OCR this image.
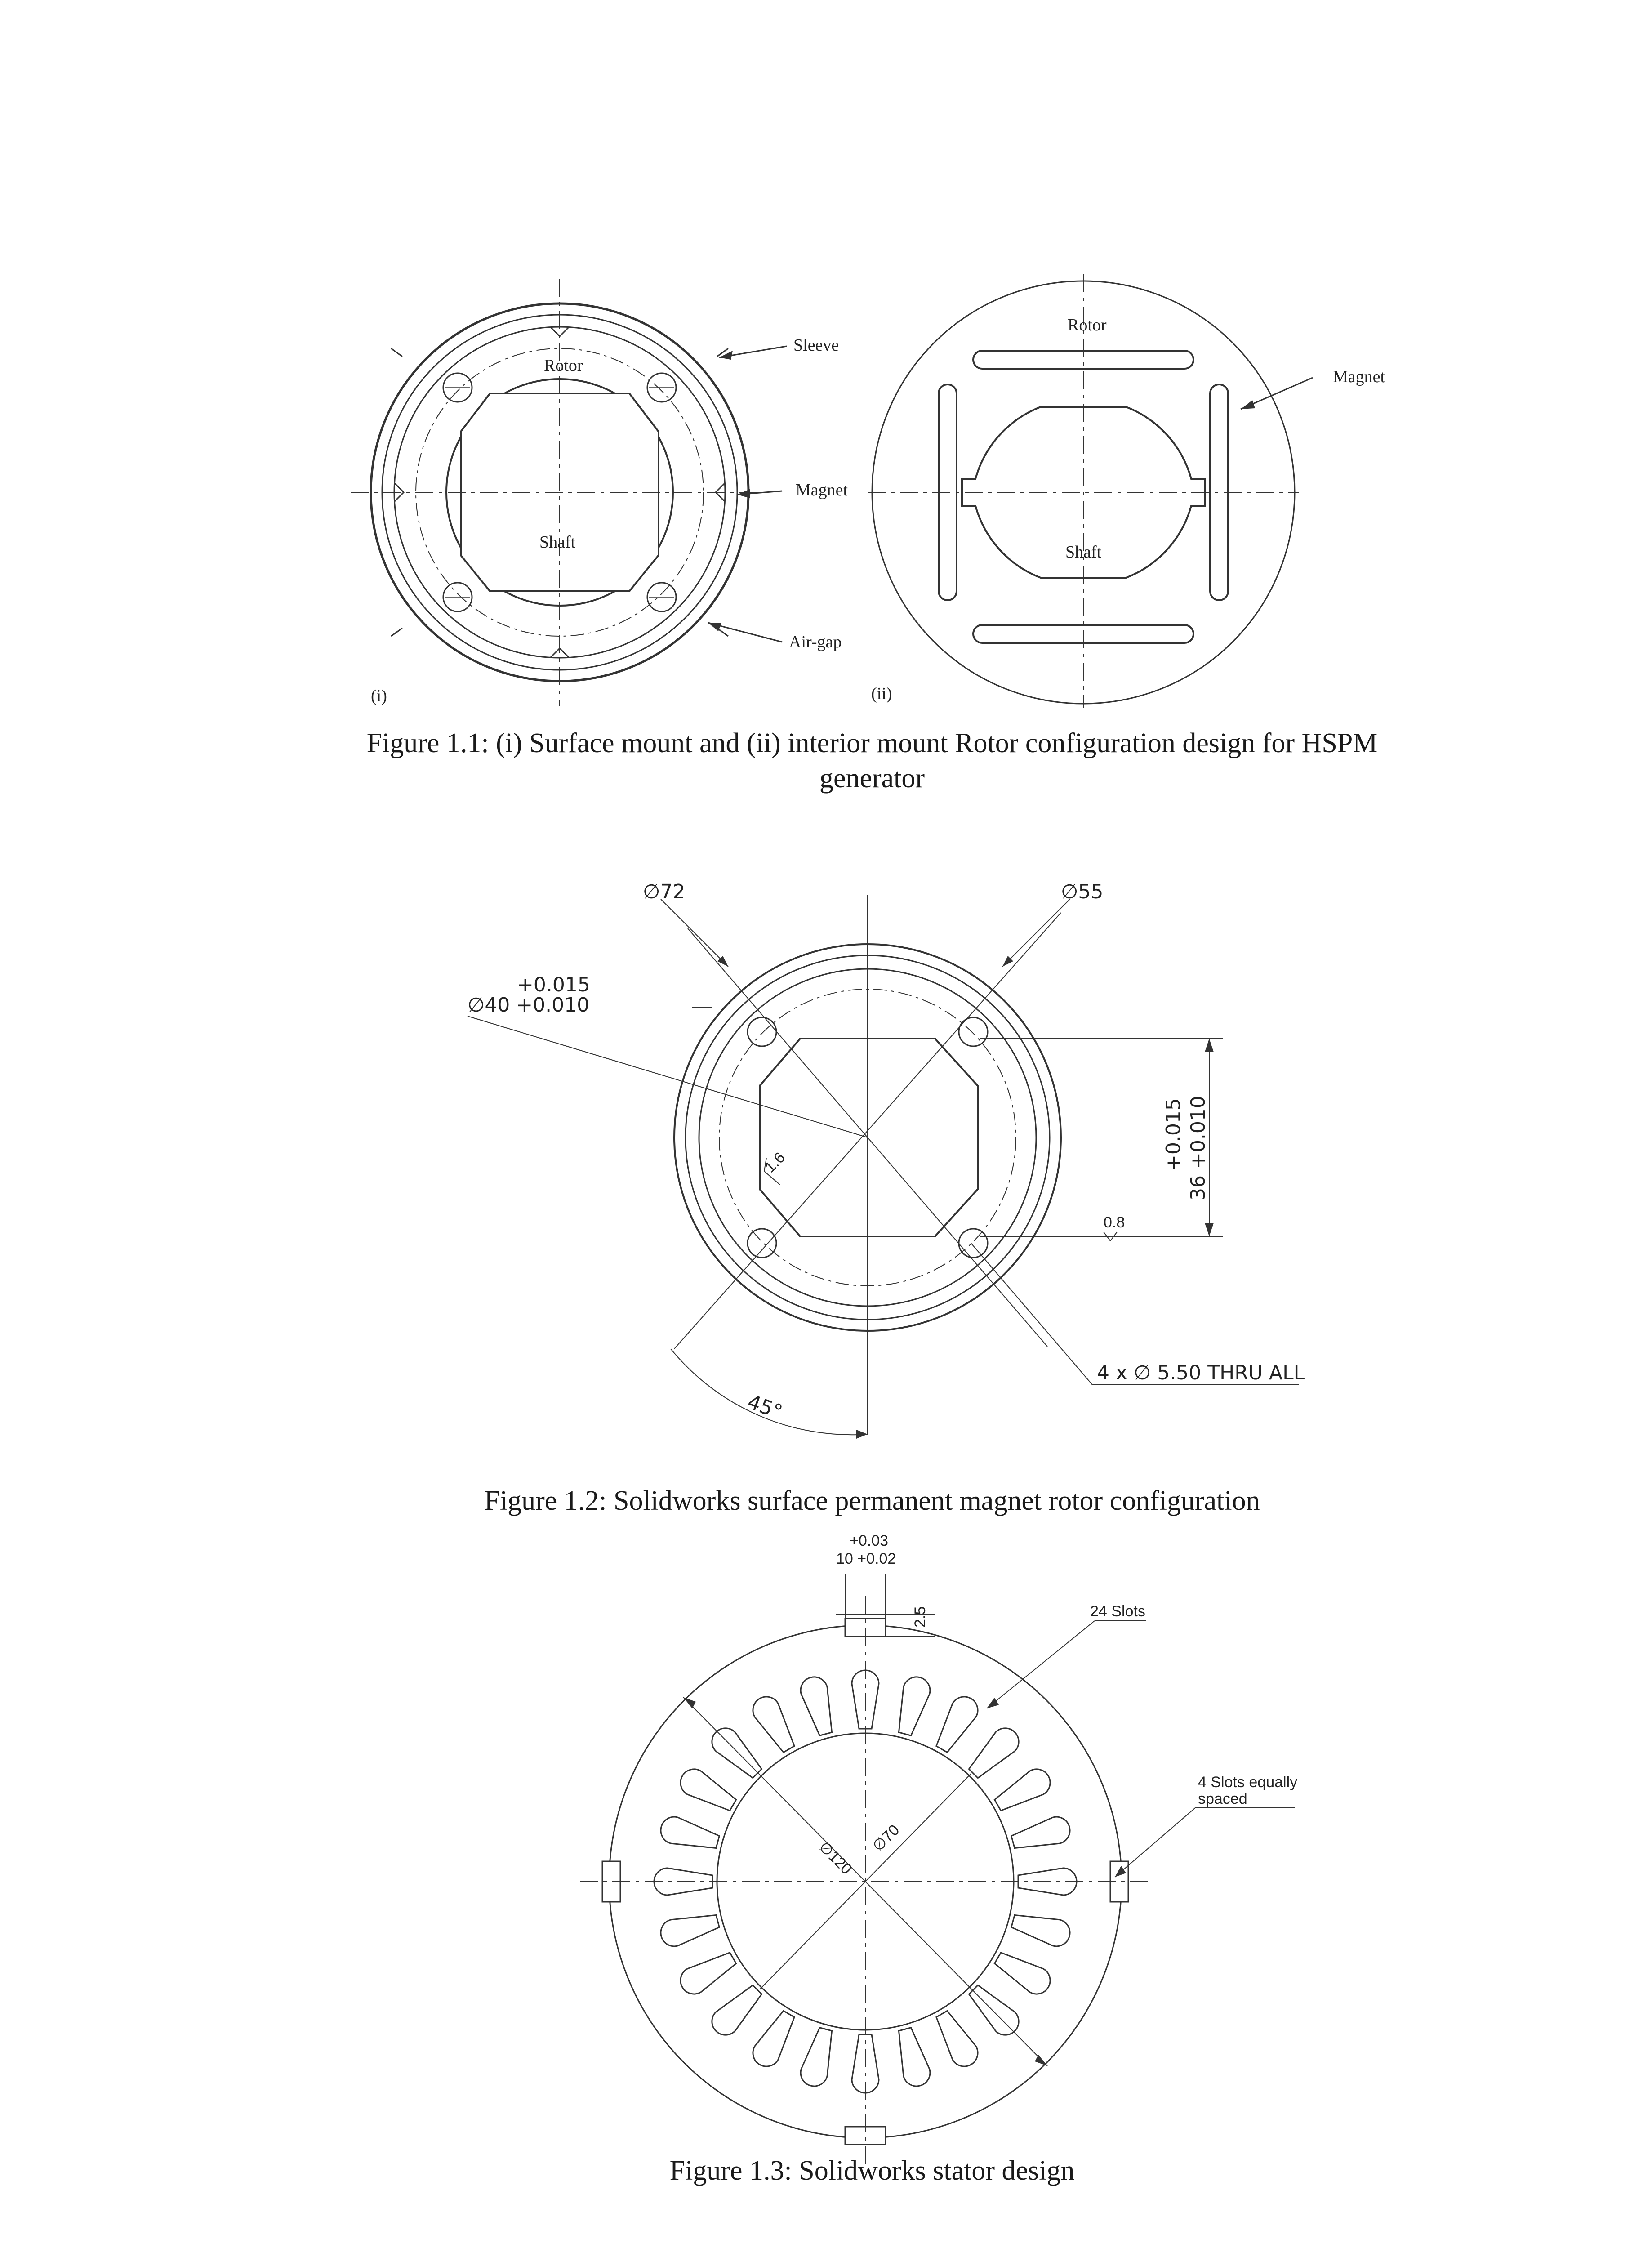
Rotor
Sleeve
Magnet
Shaft
Air-gap
(i)
Rotor
Magnet
Shaft
(ii)
Figure 1.1: (i) Surface mount and (ii) interior mount Rotor configuration design for HSPM
generator
∅72	∅55
+0.015
∅40 +0.010
+0.015 36 +0.010
4 x ∅ 5.50 THRU ALL
45°
1.6
0.8
Figure 1.2: Solidworks surface permanent magnet rotor configuration
+0.03
10 +0.02
2.5	24 Slots
4 Slots equally
spaced
∅120
∅70
Figure 1.3: Solidworks stator design
